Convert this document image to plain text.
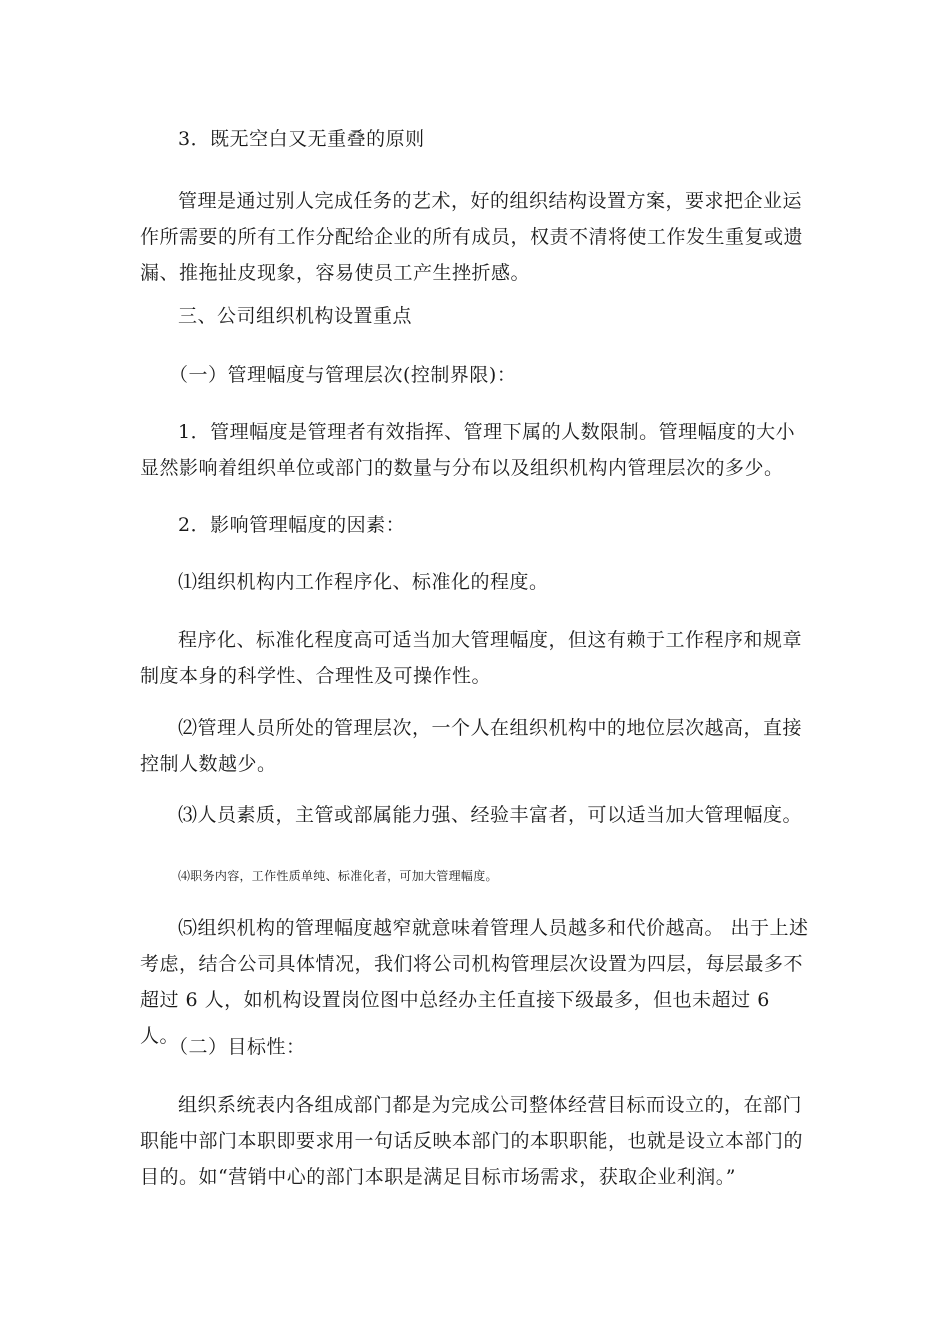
3．既无空白又无重叠的原则

管理是通过别人完成任务的艺术，好的组织结构设置方案，要求把企业运作所需要的所有工作分配给企业的所有成员，权责不清将使工作发生重复或遗漏、推拖扯皮现象，容易使员工产生挫折感。

三、公司组织机构设置重点

（一）管理幅度与管理层次(控制界限)：

1．管理幅度是管理者有效指挥、管理下属的人数限制。管理幅度的大小显然影响着组织单位或部门的数量与分布以及组织机构内管理层次的多少。

2．影响管理幅度的因素：

⑴组织机构内工作程序化、标准化的程度。

程序化、标准化程度高可适当加大管理幅度，但这有赖于工作程序和规章制度本身的科学性、合理性及可操作性。

⑵管理人员所处的管理层次，一个人在组织机构中的地位层次越高，直接控制人数越少。

⑶人员素质，主管或部属能力强、经验丰富者，可以适当加大管理幅度。

⑷职务内容，工作性质单纯、标准化者，可加大管理幅度。

⑸组织机构的管理幅度越窄就意味着管理人员越多和代价越高。 出于上述考虑，结合公司具体情况，我们将公司机构管理层次设置为四层，每层最多不超过 6 人，如机构设置岗位图中总经办主任直接下级最多，但也未超过 6 人。

（二）目标性：

组织系统表内各组成部门都是为完成公司整体经营目标而设立的，在部门职能中部门本职即要求用一句话反映本部门的本职职能，也就是设立本部门的目的。如“营销中心的部门本职是满足目标市场需求，获取企业利润。”
